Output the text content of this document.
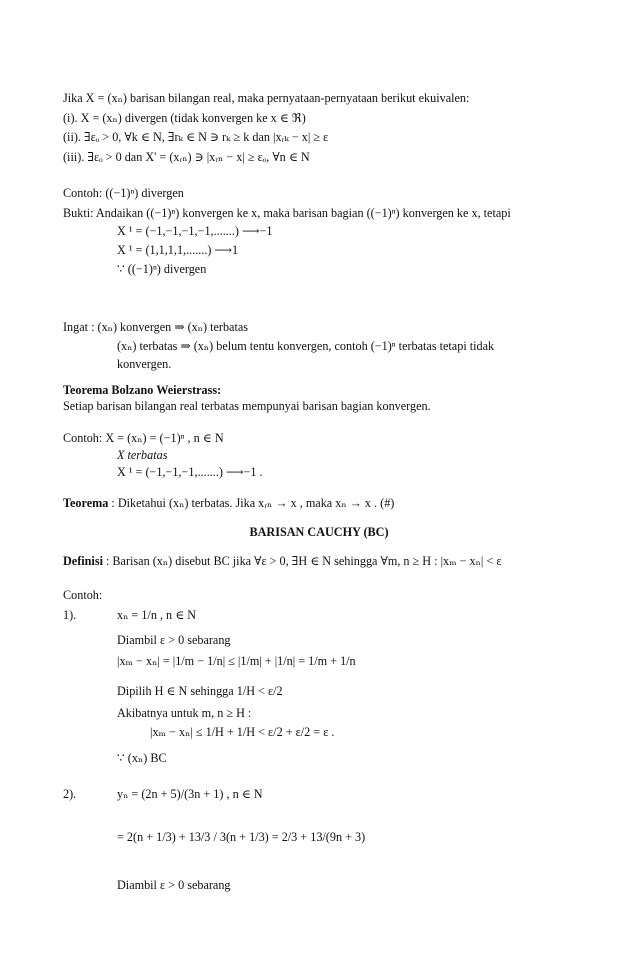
Jika X = (xₙ) barisan bilangan real, maka pernyataan-pernyataan berikut ekuivalen:
(i). X = (xₙ) divergen (tidak konvergen ke x ∈ ℜ)
(ii). ∃εₒ > 0, ∀k ∈ N, ∃rₖ ∈ N ∋ rₖ ≥ k dan |xᵣₖ − x| ≥ ε
(iii). ∃εₒ > 0 dan X' = (xᵣₙ) ∋ |xᵣₙ − x| ≥ εₒ, ∀n ∈ N
Contoh: ((−1)ⁿ) divergen
Bukti: Andaikan ((−1)ⁿ) konvergen ke x, maka barisan bagian ((−1)ⁿ) konvergen ke x, tetapi
X ¹ = (−1,−1,−1,−1,.......) ⟶−1
X ¹ = (1,1,1,1,.......) ⟶1
∵ ((−1)ⁿ) divergen
Ingat : (xₙ) konvergen ⇒ (xₙ) terbatas
(xₙ) terbatas ⇒ (xₙ) belum tentu konvergen, contoh (−1)ⁿ terbatas tetapi tidak
konvergen.
Teorema Bolzano Weierstrass:
Setiap barisan bilangan real terbatas mempunyai barisan bagian konvergen.
Contoh: X = (xₙ) = (−1)ⁿ , n ∈ N
X terbatas
X ¹ = (−1,−1,−1,.......) ⟶−1 .
Teorema : Diketahui (xₙ) terbatas. Jika xᵣₙ → x , maka xₙ → x . (#)
BARISAN CAUCHY (BC)
Definisi : Barisan (xₙ) disebut BC jika ∀ε > 0, ∃H ∈ N sehingga ∀m, n ≥ H : |xₘ − xₙ| < ε
Contoh:
1).	xₙ = 1/n , n ∈ N
Diambil ε > 0 sebarang
|xₘ − xₙ| = |1/m − 1/n| ≤ |1/m| + |1/n| = 1/m + 1/n
Dipilih H ∈ N sehingga 1/H < ε/2
Akibatnya untuk m, n ≥ H :
|xₘ − xₙ| ≤ 1/H + 1/H < ε/2 + ε/2 = ε .
∵ (xₙ) BC
2).	yₙ = (2n + 5)/(3n + 1) , n ∈ N
= 2(n + 1/3) + 13/3 / 3(n + 1/3) = 2/3 + 13/(9n + 3)
Diambil ε > 0 sebarang
